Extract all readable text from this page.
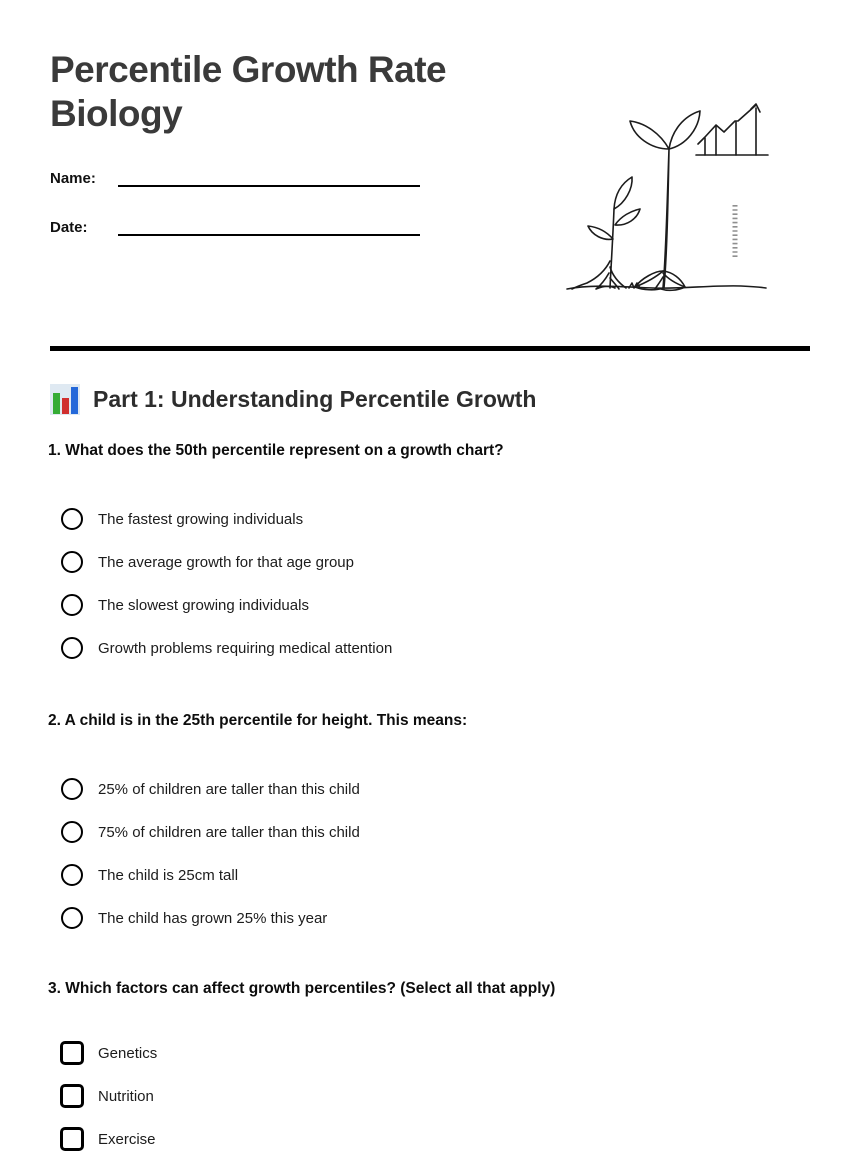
Percentile Growth Rate Biology
Name:
Date:
Part 1: Understanding Percentile Growth

1. What does the 50th percentile represent on a growth chart?

The fastest growing individuals
The average growth for that age group
The slowest growing individuals
Growth problems requiring medical attention

2. A child is in the 25th percentile for height. This means:

25% of children are taller than this child
75% of children are taller than this child
The child is 25cm tall
The child has grown 25% this year

3. Which factors can affect growth percentiles? (Select all that apply)

Genetics
Nutrition
Exercise
